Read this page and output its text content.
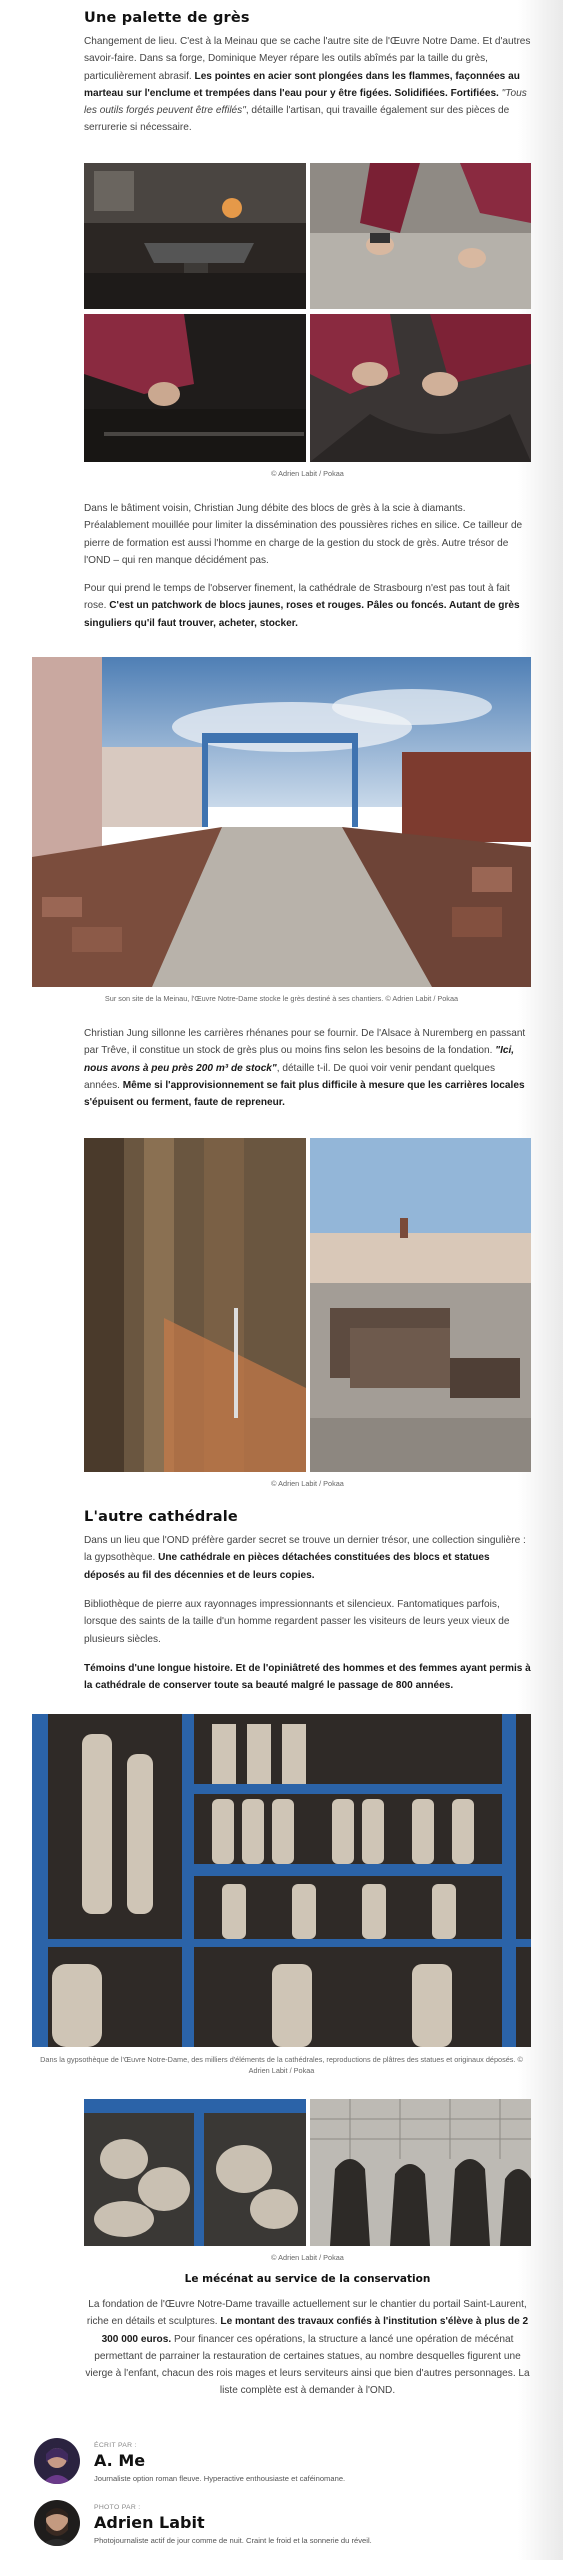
Une palette de grès

Changement de lieu. C'est à la Meinau que se cache l'autre site de l'Œuvre Notre Dame. Et d'autres savoir-faire. Dans sa forge, Dominique Meyer répare les outils abîmés par la taille du grès, particulièrement abrasif. Les pointes en acier sont plongées dans les flammes, façonnées au marteau sur l'enclume et trempées dans l'eau pour y être figées. Solidifiées. Fortifiées. "Tous les outils forgés peuvent être effilés", détaille l'artisan, qui travaille également sur des pièces de serrurerie si nécessaire.

© Adrien Labit / Pokaa

Dans le bâtiment voisin, Christian Jung débite des blocs de grès à la scie à diamants. Préalablement mouillée pour limiter la dissémination des poussières riches en silice. Ce tailleur de pierre de formation est aussi l'homme en charge de la gestion du stock de grès. Autre trésor de l'OND – qui ren manque décidément pas.

Pour qui prend le temps de l'observer finement, la cathédrale de Strasbourg n'est pas tout à fait rose. C'est un patchwork de blocs jaunes, roses et rouges. Pâles ou foncés. Autant de grès singuliers qu'il faut trouver, acheter, stocker.

Sur son site de la Meinau, l'Œuvre Notre-Dame stocke le grès destiné à ses chantiers. © Adrien Labit / Pokaa

Christian Jung sillonne les carrières rhénanes pour se fournir. De l'Alsace à Nuremberg en passant par Trêve, il constitue un stock de grès plus ou moins fins selon les besoins de la fondation. "Ici, nous avons à peu près 200 m³ de stock", détaille t-il. De quoi voir venir pendant quelques années. Même si l'approvisionnement se fait plus difficile à mesure que les carrières locales s'épuisent ou ferment, faute de repreneur.

© Adrien Labit / Pokaa
L'autre cathédrale

Dans un lieu que l'OND préfère garder secret se trouve un dernier trésor, une collection singulière : la gypsothèque. Une cathédrale en pièces détachées constituées des blocs et statues déposés au fil des décennies et de leurs copies.

Bibliothèque de pierre aux rayonnages impressionnants et silencieux. Fantomatiques parfois, lorsque des saints de la taille d'un homme regardent passer les visiteurs de leurs yeux vieux de plusieurs siècles.

Témoins d'une longue histoire. Et de l'opiniâtreté des hommes et des femmes ayant permis à la cathédrale de conserver toute sa beauté malgré le passage de 800 années.

Dans la gypsothèque de l'Œuvre Notre-Dame, des milliers d'éléments de la cathédrales, reproductions de plâtres des statues et originaux déposés. © Adrien Labit / Pokaa
© Adrien Labit / Pokaa
Le mécénat au service de la conservation

La fondation de l'Œuvre Notre-Dame travaille actuellement sur le chantier du portail Saint-Laurent, riche en détails et sculptures. Le montant des travaux confiés à l'institution s'élève à plus de 2 300 000 euros. Pour financer ces opérations, la structure a lancé une opération de mécénat permettant de parrainer la restauration de certaines statues, au nombre desquelles figurent une vierge à l'enfant, chacun des rois mages et leurs serviteurs ainsi que bien d'autres personnages. La liste complète est à demander à l'OND.

ÉCRIT PAR :
A. Me
Journaliste option roman fleuve. Hyperactive enthousiaste et caféinomane.
PHOTO PAR :
Adrien Labit
Photojournaliste actif de jour comme de nuit. Craint le froid et la sonnerie du réveil.
